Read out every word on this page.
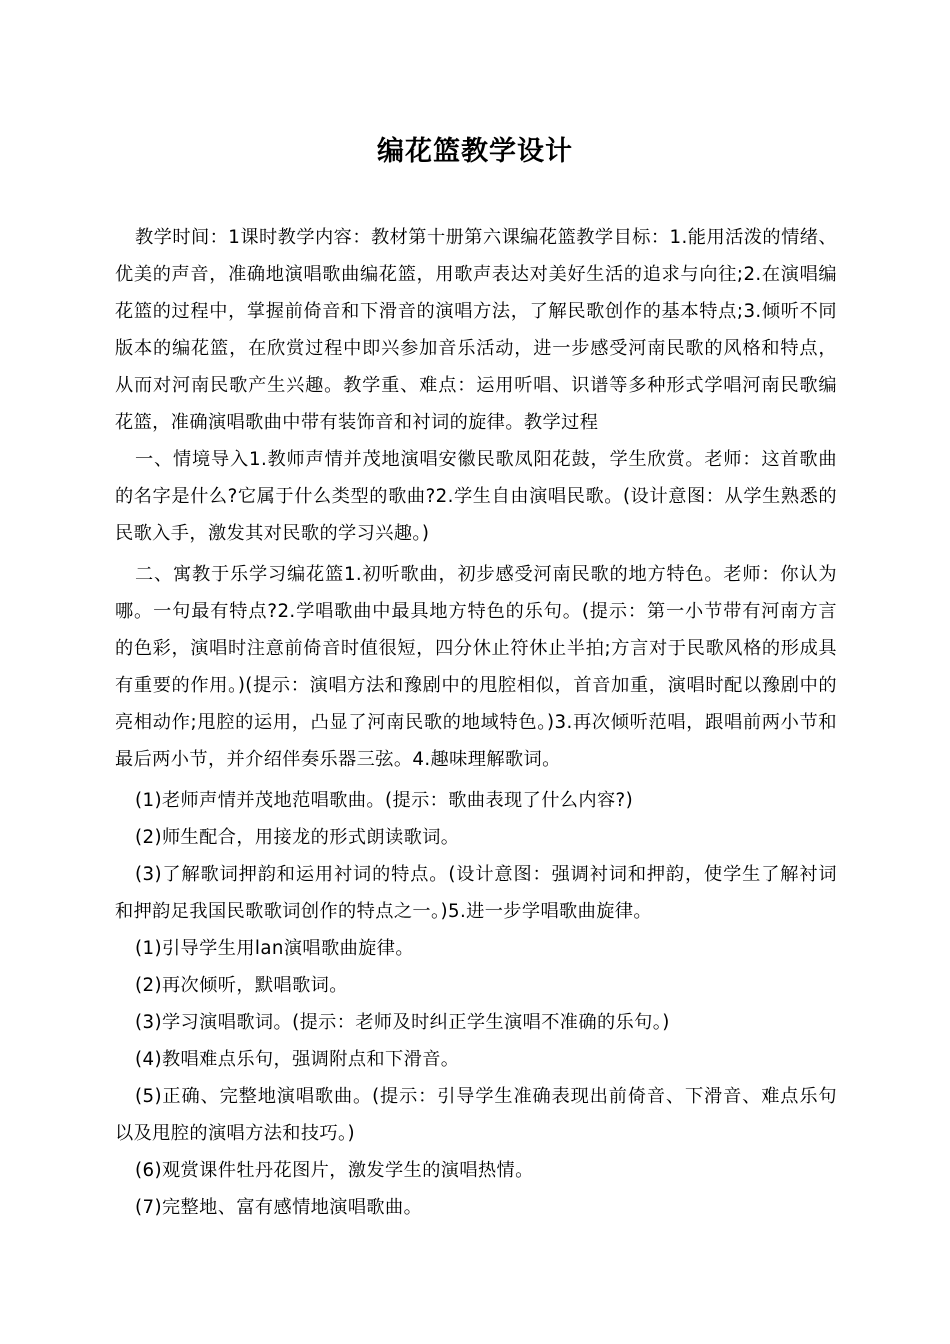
编花篮教学设计

教学时间：1课时教学内容：教材第十册第六课编花篮教学目标：1.能用活泼的情绪、优美的声音，准确地演唱歌曲编花篮，用歌声表达对美好生活的追求与向往;2.在演唱编花篮的过程中，掌握前倚音和下滑音的演唱方法，了解民歌创作的基本特点;3.倾听不同版本的编花篮，在欣赏过程中即兴参加音乐活动，进一步感受河南民歌的风格和特点，从而对河南民歌产生兴趣。教学重、难点：运用听唱、识谱等多种形式学唱河南民歌编花篮，准确演唱歌曲中带有装饰音和衬词的旋律。教学过程

一、情境导入1.教师声情并茂地演唱安徽民歌凤阳花鼓，学生欣赏。老师：这首歌曲的名字是什么?它属于什么类型的歌曲?2.学生自由演唱民歌。(设计意图：从学生熟悉的民歌入手，激发其对民歌的学习兴趣。)

二、寓教于乐学习编花篮1.初听歌曲，初步感受河南民歌的地方特色。老师：你认为哪。一句最有特点?2.学唱歌曲中最具地方特色的乐句。(提示：第一小节带有河南方言的色彩，演唱时注意前倚音时值很短，四分休止符休止半拍;方言对于民歌风格的形成具有重要的作用。)(提示：演唱方法和豫剧中的甩腔相似，首音加重，演唱时配以豫剧中的亮相动作;甩腔的运用，凸显了河南民歌的地域特色。)3.再次倾听范唱，跟唱前两小节和最后两小节，并介绍伴奏乐器三弦。4.趣味理解歌词。

(1)老师声情并茂地范唱歌曲。(提示：歌曲表现了什么内容?)

(2)师生配合，用接龙的形式朗读歌词。

(3)了解歌词押韵和运用衬词的特点。(设计意图：强调衬词和押韵，使学生了解衬词和押韵足我国民歌歌词创作的特点之一。)5.进一步学唱歌曲旋律。

(1)引导学生用lan演唱歌曲旋律。

(2)再次倾听，默唱歌词。

(3)学习演唱歌词。(提示：老师及时纠正学生演唱不准确的乐句。)

(4)教唱难点乐句，强调附点和下滑音。

(5)正确、完整地演唱歌曲。(提示：引导学生准确表现出前倚音、下滑音、难点乐句以及甩腔的演唱方法和技巧。)

(6)观赏课件牡丹花图片，激发学生的演唱热情。

(7)完整地、富有感情地演唱歌曲。
